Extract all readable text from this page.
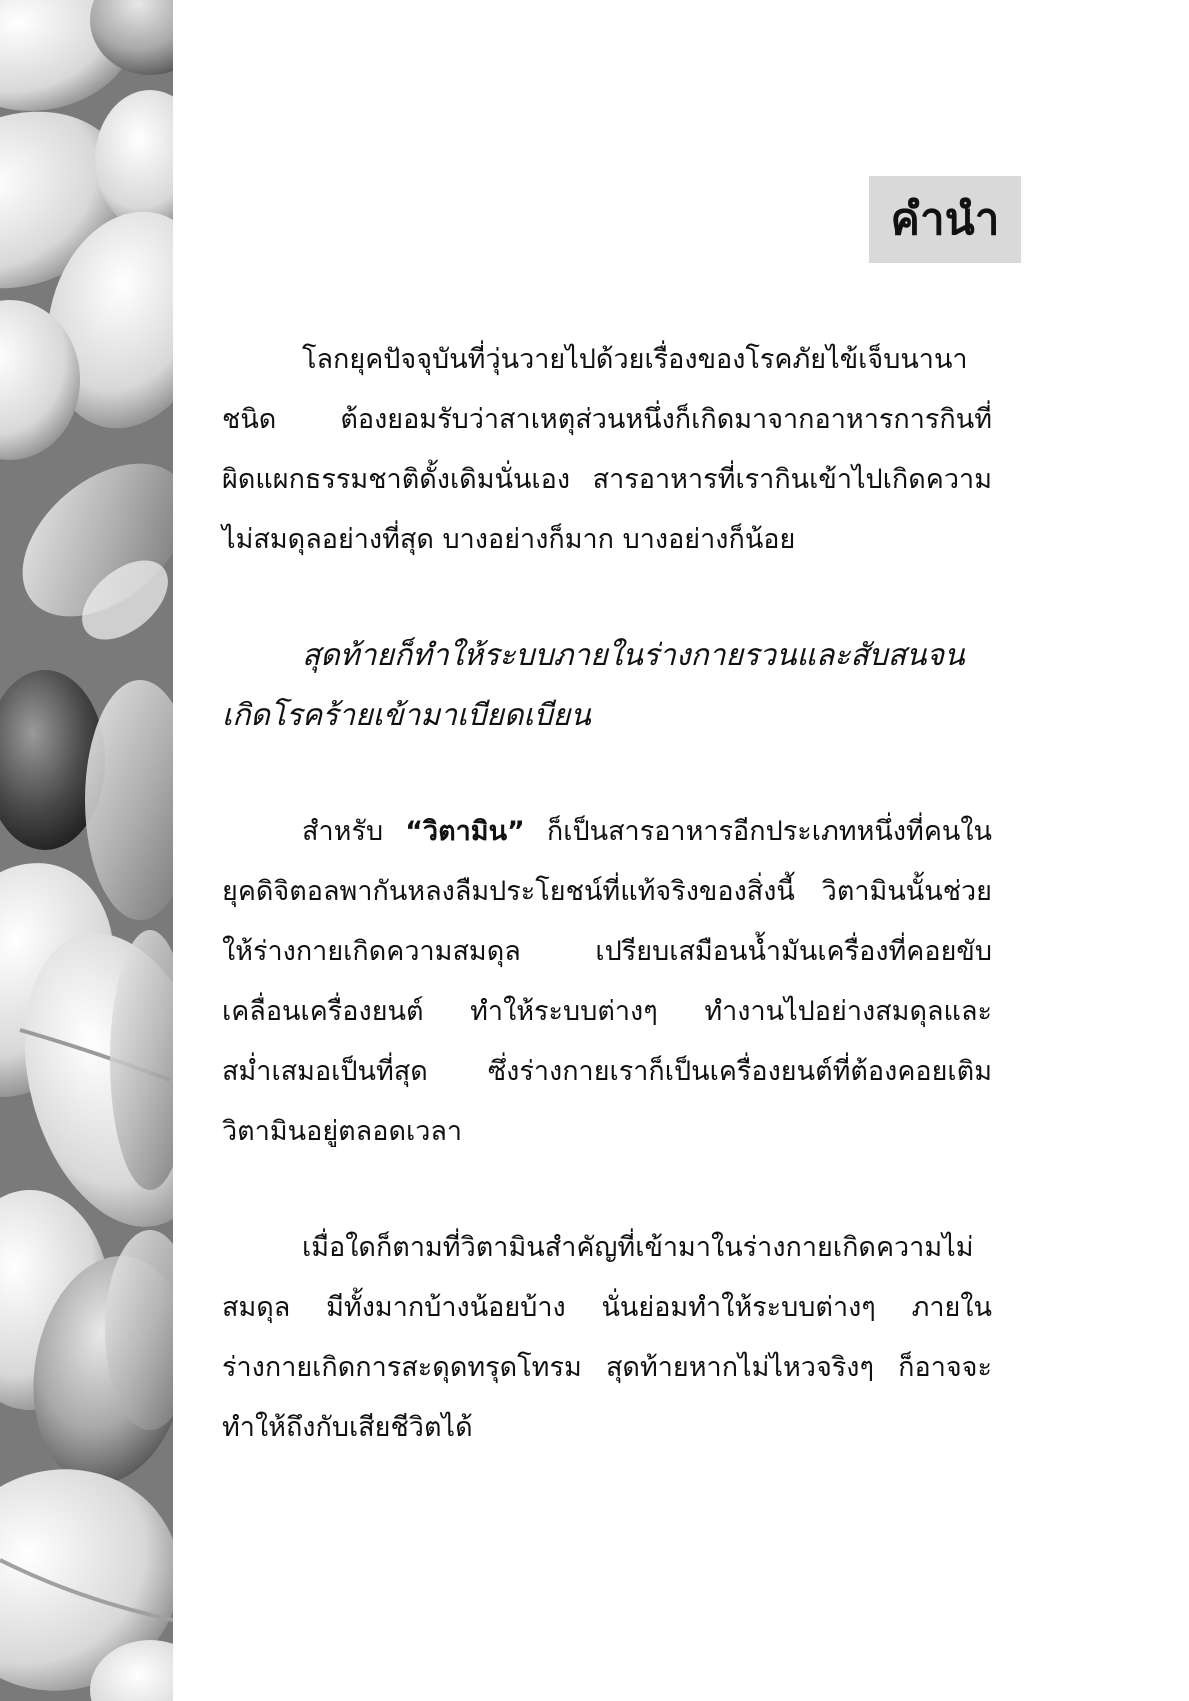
คำนำ

โลกยุคปัจจุบันที่วุ่นวายไปด้วยเรื่องของโรคภัยไข้เจ็บนานาชนิด ต้องยอมรับว่าสาเหตุส่วนหนึ่งก็เกิดมาจากอาหารการกินที่ผิดแผกธรรมชาติดั้งเดิมนั่นเอง สารอาหารที่เรากินเข้าไปเกิดความไม่สมดุลอย่างที่สุด บางอย่างก็มาก บางอย่างก็น้อย

สุดท้ายก็ทำให้ระบบภายในร่างกายรวนและสับสนจนเกิดโรคร้ายเข้ามาเบียดเบียน

สำหรับ “วิตามิน” ก็เป็นสารอาหารอีกประเภทหนึ่งที่คนในยุคดิจิตอลพากันหลงลืมประโยชน์ที่แท้จริงของสิ่งนี้ วิตามินนั้นช่วยให้ร่างกายเกิดความสมดุล เปรียบเสมือนน้ำมันเครื่องที่คอยขับเคลื่อนเครื่องยนต์ ทำให้ระบบต่างๆ ทำงานไปอย่างสมดุลและสม่ำเสมอเป็นที่สุด ซึ่งร่างกายเราก็เป็นเครื่องยนต์ที่ต้องคอยเติมวิตามินอยู่ตลอดเวลา

เมื่อใดก็ตามที่วิตามินสำคัญที่เข้ามาในร่างกายเกิดความไม่สมดุล มีทั้งมากบ้างน้อยบ้าง นั่นย่อมทำให้ระบบต่างๆ ภายในร่างกายเกิดการสะดุดทรุดโทรม สุดท้ายหากไม่ไหวจริงๆ ก็อาจจะทำให้ถึงกับเสียชีวิตได้
